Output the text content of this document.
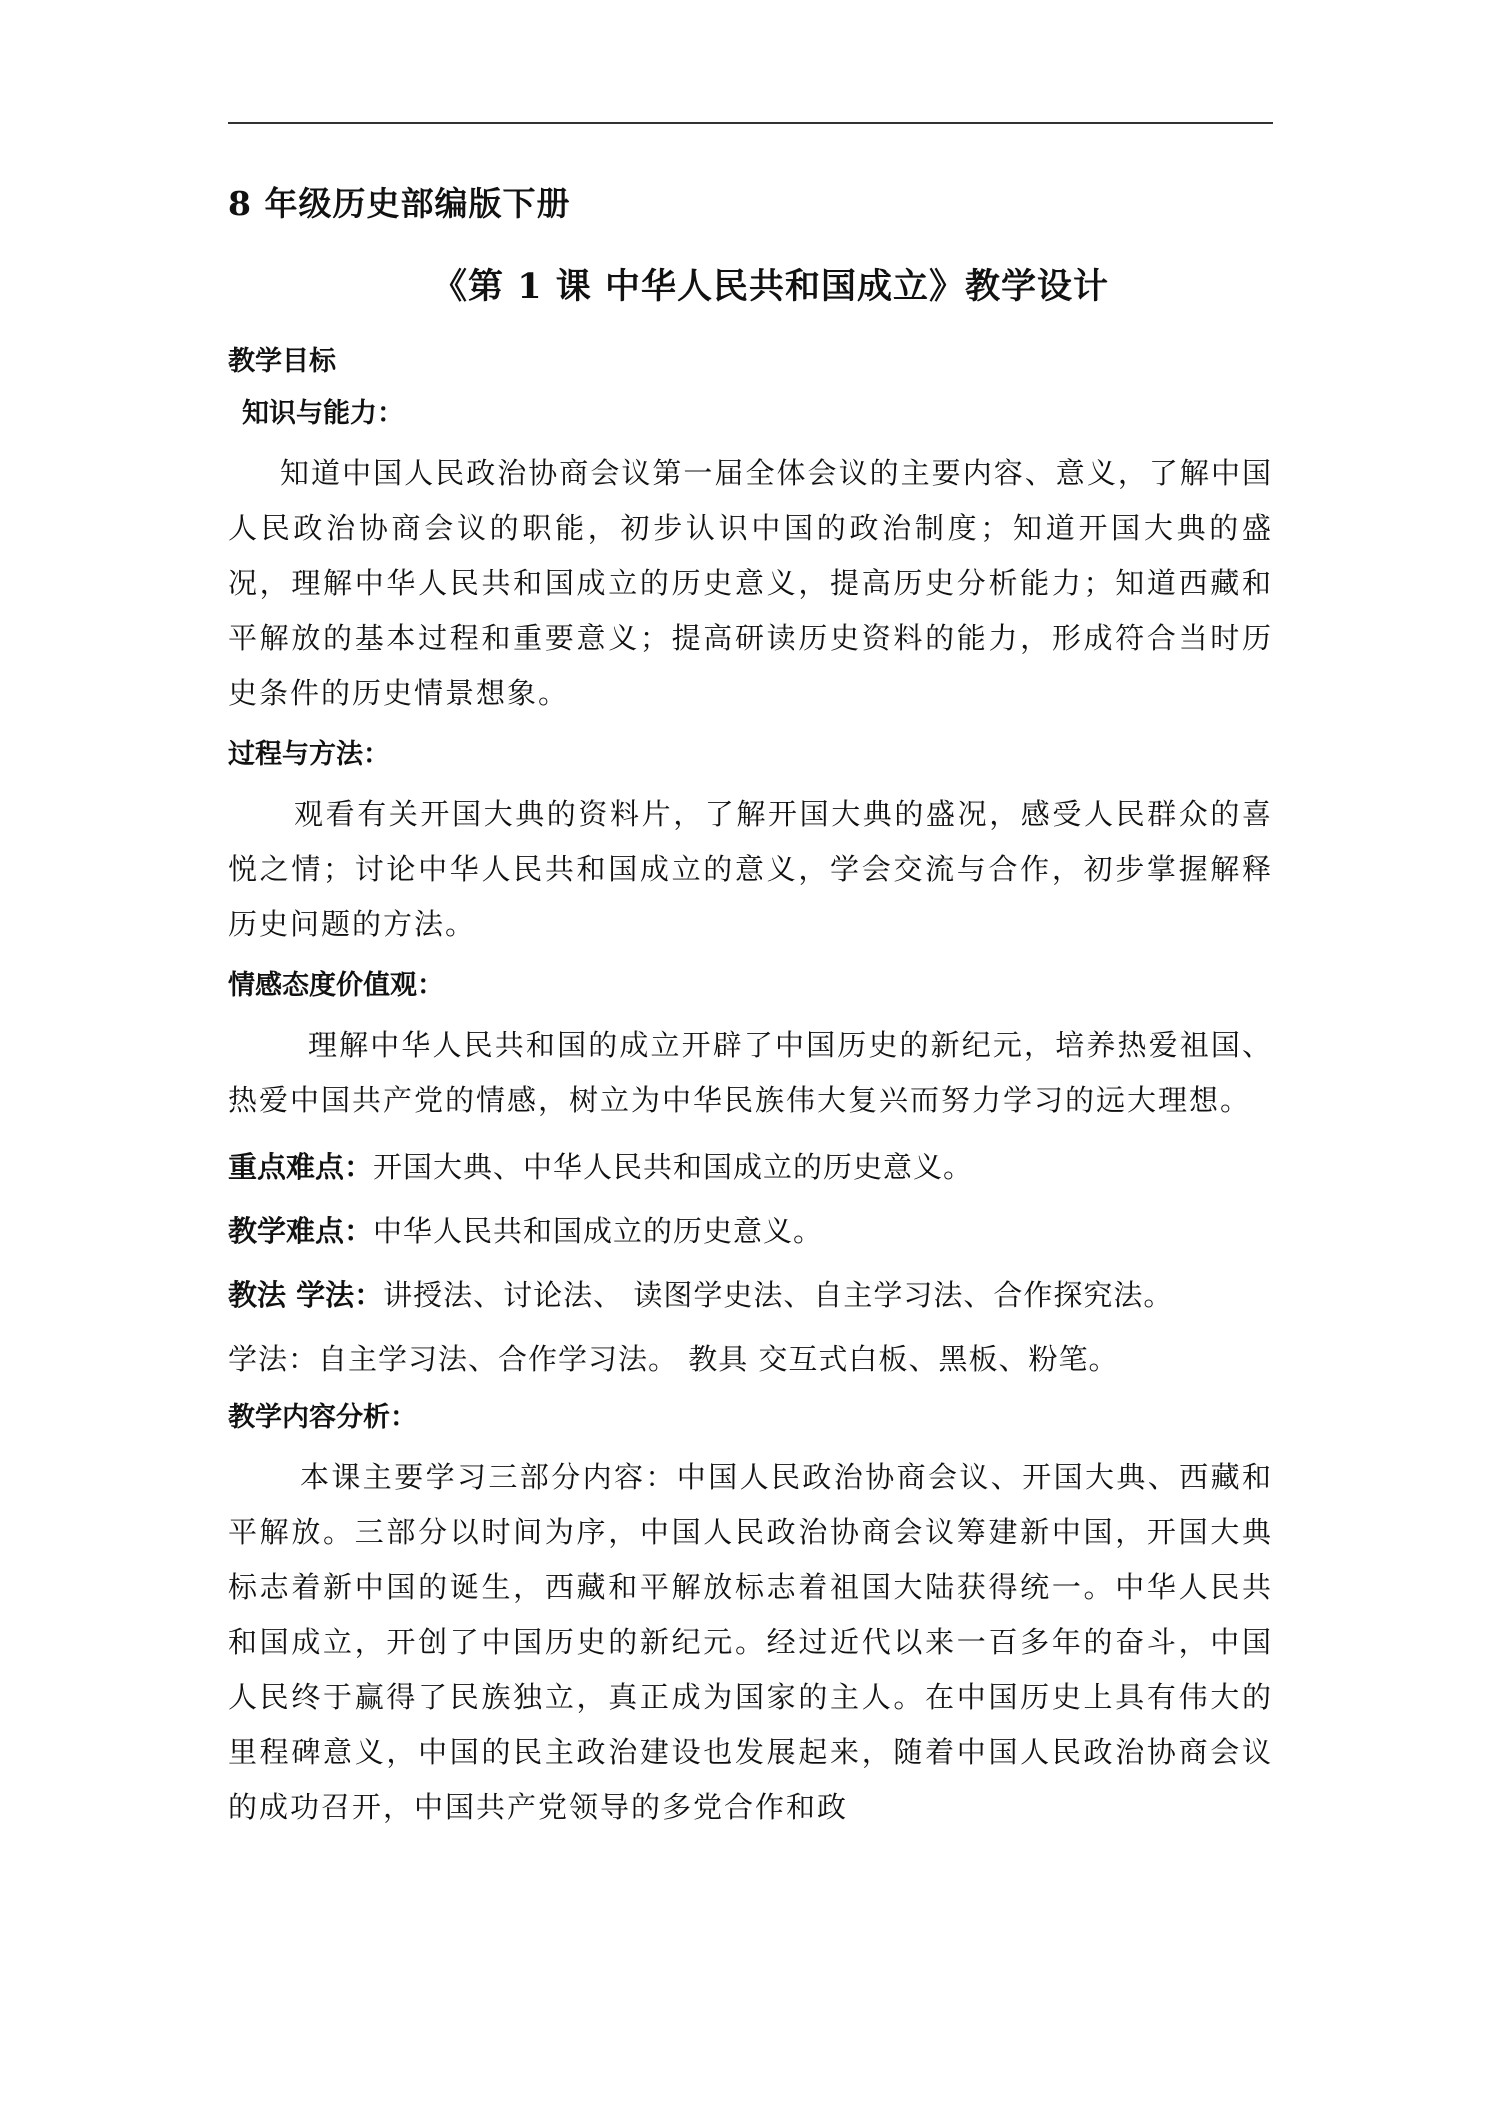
8 年级历史部编版下册
《第 1 课 中华人民共和国成立》教学设计
教学目标
知识与能力：
知道中国人民政治协商会议第一届全体会议的主要内容、意义，了解中国人民政治协商会议的职能，初步认识中国的政治制度；知道开国大典的盛况，理解中华人民共和国成立的历史意义，提高历史分析能力；知道西藏和平解放的基本过程和重要意义；提高研读历史资料的能力，形成符合当时历史条件的历史情景想象。
过程与方法：
观看有关开国大典的资料片，了解开国大典的盛况，感受人民群众的喜悦之情；讨论中华人民共和国成立的意义，学会交流与合作，初步掌握解释历史问题的方法。
情感态度价值观：
理解中华人民共和国的成立开辟了中国历史的新纪元，培养热爱祖国、热爱中国共产党的情感，树立为中华民族伟大复兴而努力学习的远大理想。
重点难点：开国大典、中华人民共和国成立的历史意义。
教学难点：中华人民共和国成立的历史意义。
教法 学法：讲授法、讨论法、 读图学史法、自主学习法、合作探究法。
学法：自主学习法、合作学习法。 教具 交互式白板、黑板、粉笔。
教学内容分析：
本课主要学习三部分内容：中国人民政治协商会议、开国大典、西藏和平解放。三部分以时间为序，中国人民政治协商会议筹建新中国，开国大典标志着新中国的诞生，西藏和平解放标志着祖国大陆获得统一。中华人民共和国成立，开创了中国历史的新纪元。经过近代以来一百多年的奋斗，中国人民终于赢得了民族独立，真正成为国家的主人。在中国历史上具有伟大的里程碑意义，中国的民主政治建设也发展起来，随着中国人民政治协商会议的成功召开，中国共产党领导的多党合作和政
